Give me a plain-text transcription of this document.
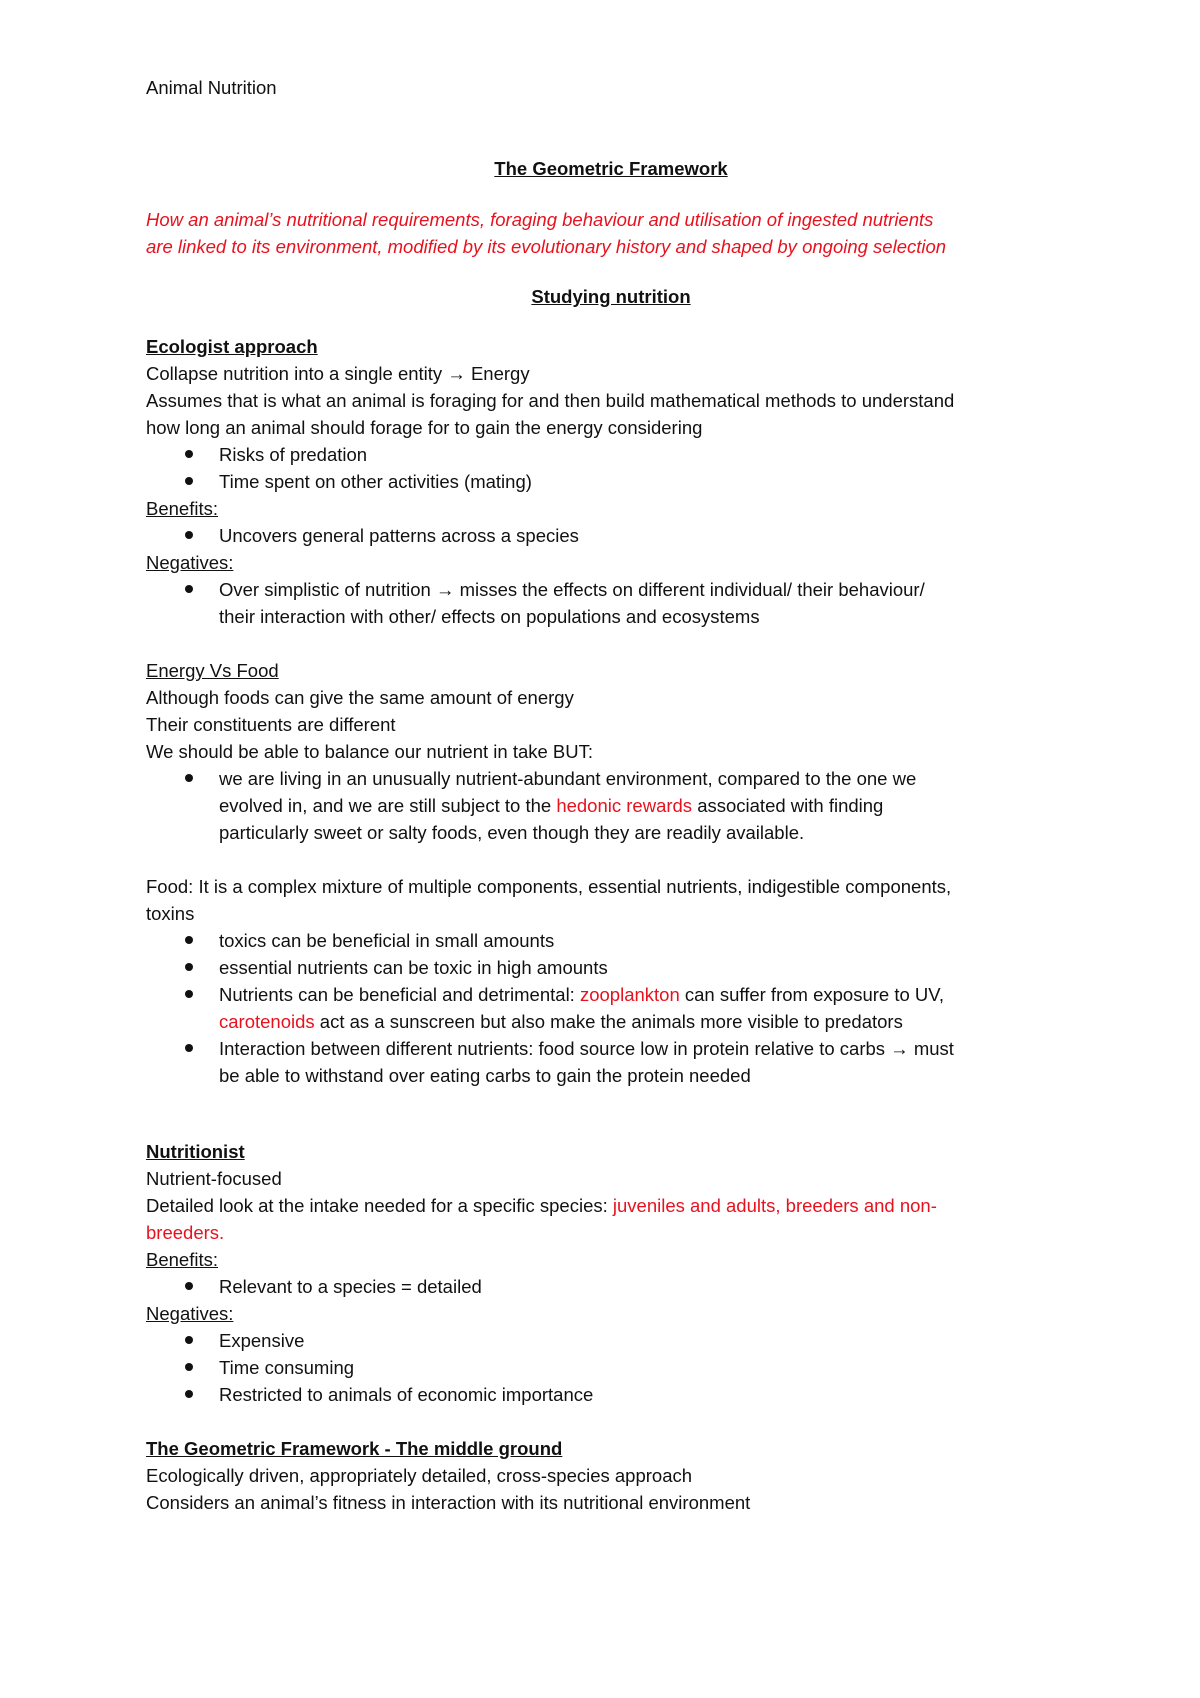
Animal Nutrition

The Geometric Framework

How an animal’s nutritional requirements, foraging behaviour and utilisation of ingested nutrients

are linked to its environment, modified by its evolutionary history and shaped by ongoing selection

Studying nutrition

Ecologist approach

Collapse nutrition into a single entity → Energy

Assumes that is what an animal is foraging for and then build mathematical methods to understand

how long an animal should forage for to gain the energy considering

Risks of predation
Time spent on other activities (mating)

Benefits:

Uncovers general patterns across a species

Negatives:

Over simplistic of nutrition → misses the effects on different individual/ their behaviour/
their interaction with other/ effects on populations and ecosystems

Energy Vs Food

Although foods can give the same amount of energy

Their constituents are different

We should be able to balance our nutrient in take BUT:

we are living in an unusually nutrient-abundant environment, compared to the one we
evolved in, and we are still subject to the hedonic rewards associated with finding
particularly sweet or salty foods, even though they are readily available.

Food: It is a complex mixture of multiple components, essential nutrients, indigestible components,

toxins

toxics can be beneficial in small amounts
essential nutrients can be toxic in high amounts
Nutrients can be beneficial and detrimental: zooplankton can suffer from exposure to UV,
carotenoids act as a sunscreen but also make the animals more visible to predators
Interaction between different nutrients: food source low in protein relative to carbs → must
be able to withstand over eating carbs to gain the protein needed

Nutritionist

Nutrient-focused

Detailed look at the intake needed for a specific species: juveniles and adults, breeders and non-

breeders.

Benefits:

Relevant to a species = detailed

Negatives:

Expensive
Time consuming
Restricted to animals of economic importance

The Geometric Framework - The middle ground

Ecologically driven, appropriately detailed, cross-species approach

Considers an animal’s fitness in interaction with its nutritional environment
